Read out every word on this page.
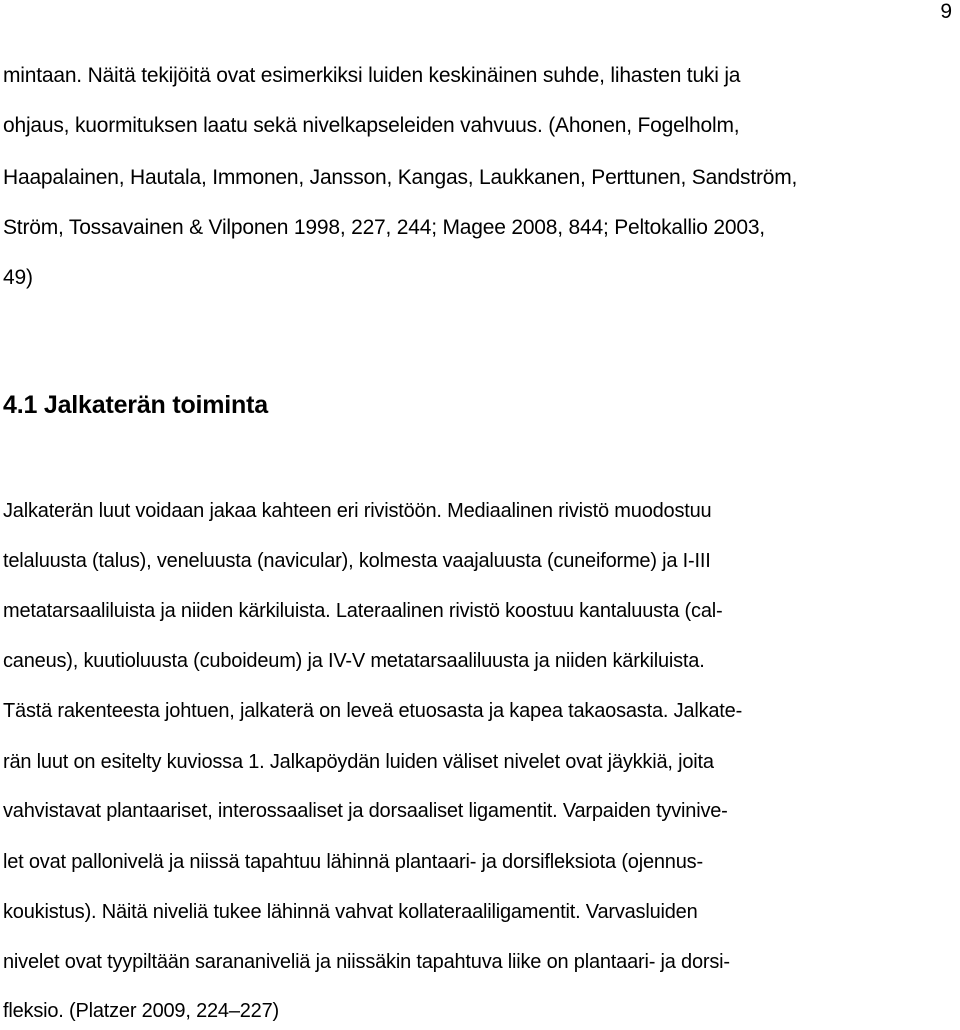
9
mintaan. Näitä tekijöitä ovat esimerkiksi luiden keskinäinen suhde, lihasten tuki ja
ohjaus, kuormituksen laatu sekä nivelkapseleiden vahvuus. (Ahonen, Fogelholm,
Haapalainen, Hautala, Immonen, Jansson, Kangas, Laukkanen, Perttunen, Sandström,
Ström, Tossavainen & Vilponen 1998, 227, 244; Magee 2008, 844; Peltokallio 2003,
49)
4.1 Jalkaterän toiminta
Jalkaterän luut voidaan jakaa kahteen eri rivistöön. Mediaalinen rivistö muodostuu
telaluusta (talus), veneluusta (navicular), kolmesta vaajaluusta (cuneiforme) ja I-III
metatarsaaliluista ja niiden kärkiluista. Lateraalinen rivistö koostuu kantaluusta (cal-
caneus), kuutioluusta (cuboideum) ja IV-V metatarsaaliluusta ja niiden kärkiluista.
Tästä rakenteesta johtuen, jalkaterä on leveä etuosasta ja kapea takaosasta. Jalkate-
rän luut on esitelty kuviossa 1. Jalkapöydän luiden väliset nivelet ovat jäykkiä, joita
vahvistavat plantaariset, interossaaliset ja dorsaaliset ligamentit. Varpaiden tyvinive-
let ovat pallonivelä ja niissä tapahtuu lähinnä plantaari- ja dorsifleksiota (ojennus-
koukistus). Näitä niveliä tukee lähinnä vahvat kollateraaliligamentit. Varvasluiden
nivelet ovat tyypiltään sarananiveliä ja niissäkin tapahtuva liike on plantaari- ja dorsi-
fleksio. (Platzer 2009, 224–227)
